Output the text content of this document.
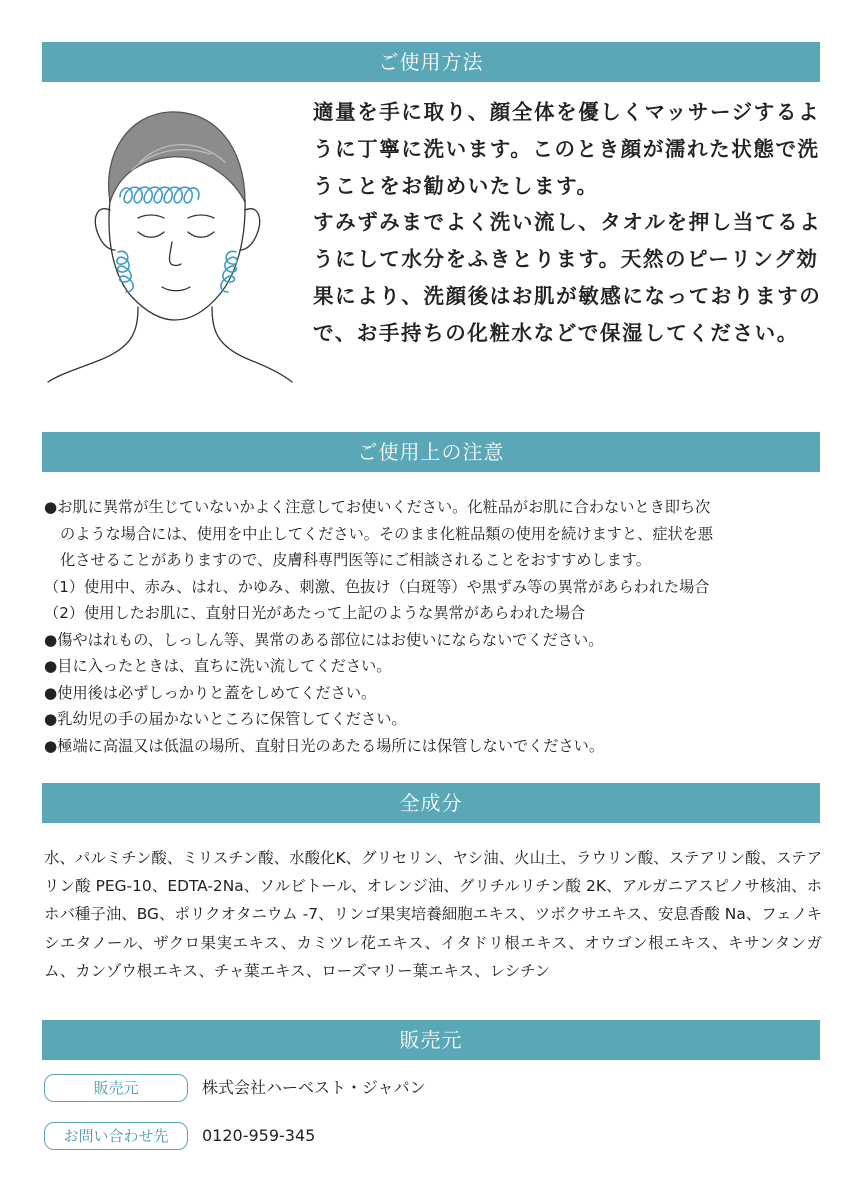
ご使用方法

適量を手に取り、顔全体を優しくマッサージするように丁寧に洗います。このとき顔が濡れた状態で洗うことをお勧めいたします。

すみずみまでよく洗い流し、タオルを押し当てるようにして水分をふきとります。天然のピーリング効果により、洗顔後はお肌が敏感になっておりますので、お手持ちの化粧水などで保湿してください。

ご使用上の注意
●お肌に異常が生じていないかよく注意してお使いください。化粧品がお肌に合わないとき即ち次
のような場合には、使用を中止してください。そのまま化粧品類の使用を続けますと、症状を悪
化させることがありますので、皮膚科専門医等にご相談されることをおすすめします。
（1）使用中、赤み、はれ、かゆみ、刺激、色抜け（白斑等）や黒ずみ等の異常があらわれた場合
（2）使用したお肌に、直射日光があたって上記のような異常があらわれた場合
●傷やはれもの、しっしん等、異常のある部位にはお使いにならないでください。
●目に入ったときは、直ちに洗い流してください。
●使用後は必ずしっかりと蓋をしめてください。
●乳幼児の手の届かないところに保管してください。
●極端に高温又は低温の場所、直射日光のあたる場所には保管しないでください。
全成分
水、パルミチン酸、ミリスチン酸、水酸化K、グリセリン、ヤシ油、火山土、ラウリン酸、ステアリン酸、ステアリン酸 PEG-10、EDTA-2Na、ソルビトール、オレンジ油、グリチルリチン酸 2K、アルガニアスピノサ核油、ホホバ種子油、BG、ポリクオタニウム -7、リンゴ果実培養細胞エキス、ツボクサエキス、安息香酸 Na、フェノキシエタノール、ザクロ果実エキス、カミツレ花エキス、イタドリ根エキス、オウゴン根エキス、キサンタンガム、カンゾウ根エキス、チャ葉エキス、ローズマリー葉エキス、レシチン
販売元
販売元	株式会社ハーベスト・ジャパン
お問い合わせ先	0120-959-345
